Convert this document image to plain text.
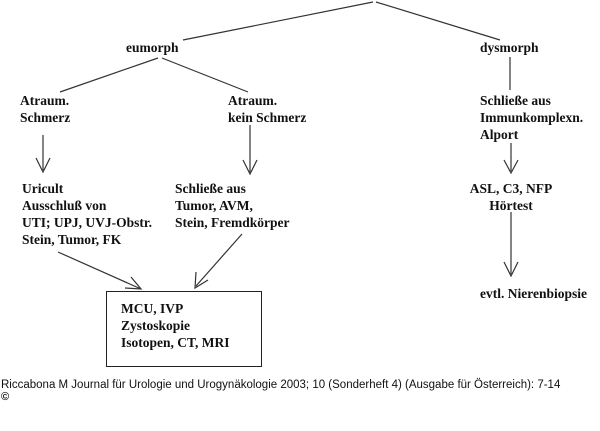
eumorph	dysmorph
Atraum.
Schmerz
Atraum.
kein Schmerz
Uricult
Ausschluß von
UTI; UPJ, UVJ-Obstr.
Stein, Tumor, FK
Schließe aus
Tumor, AVM,
Stein, Fremdkörper
MCU, IVP
Zystoskopie
Isotopen, CT, MRI
Schließe aus
Immunkomplexn.
Alport
ASL, C3, NFP
Hörtest
evtl. Nierenbiopsie
Riccabona M Journal für Urologie und Urogynäkologie 2003; 10 (Sonderheft 4) (Ausgabe für Österreich): 7-14
©
